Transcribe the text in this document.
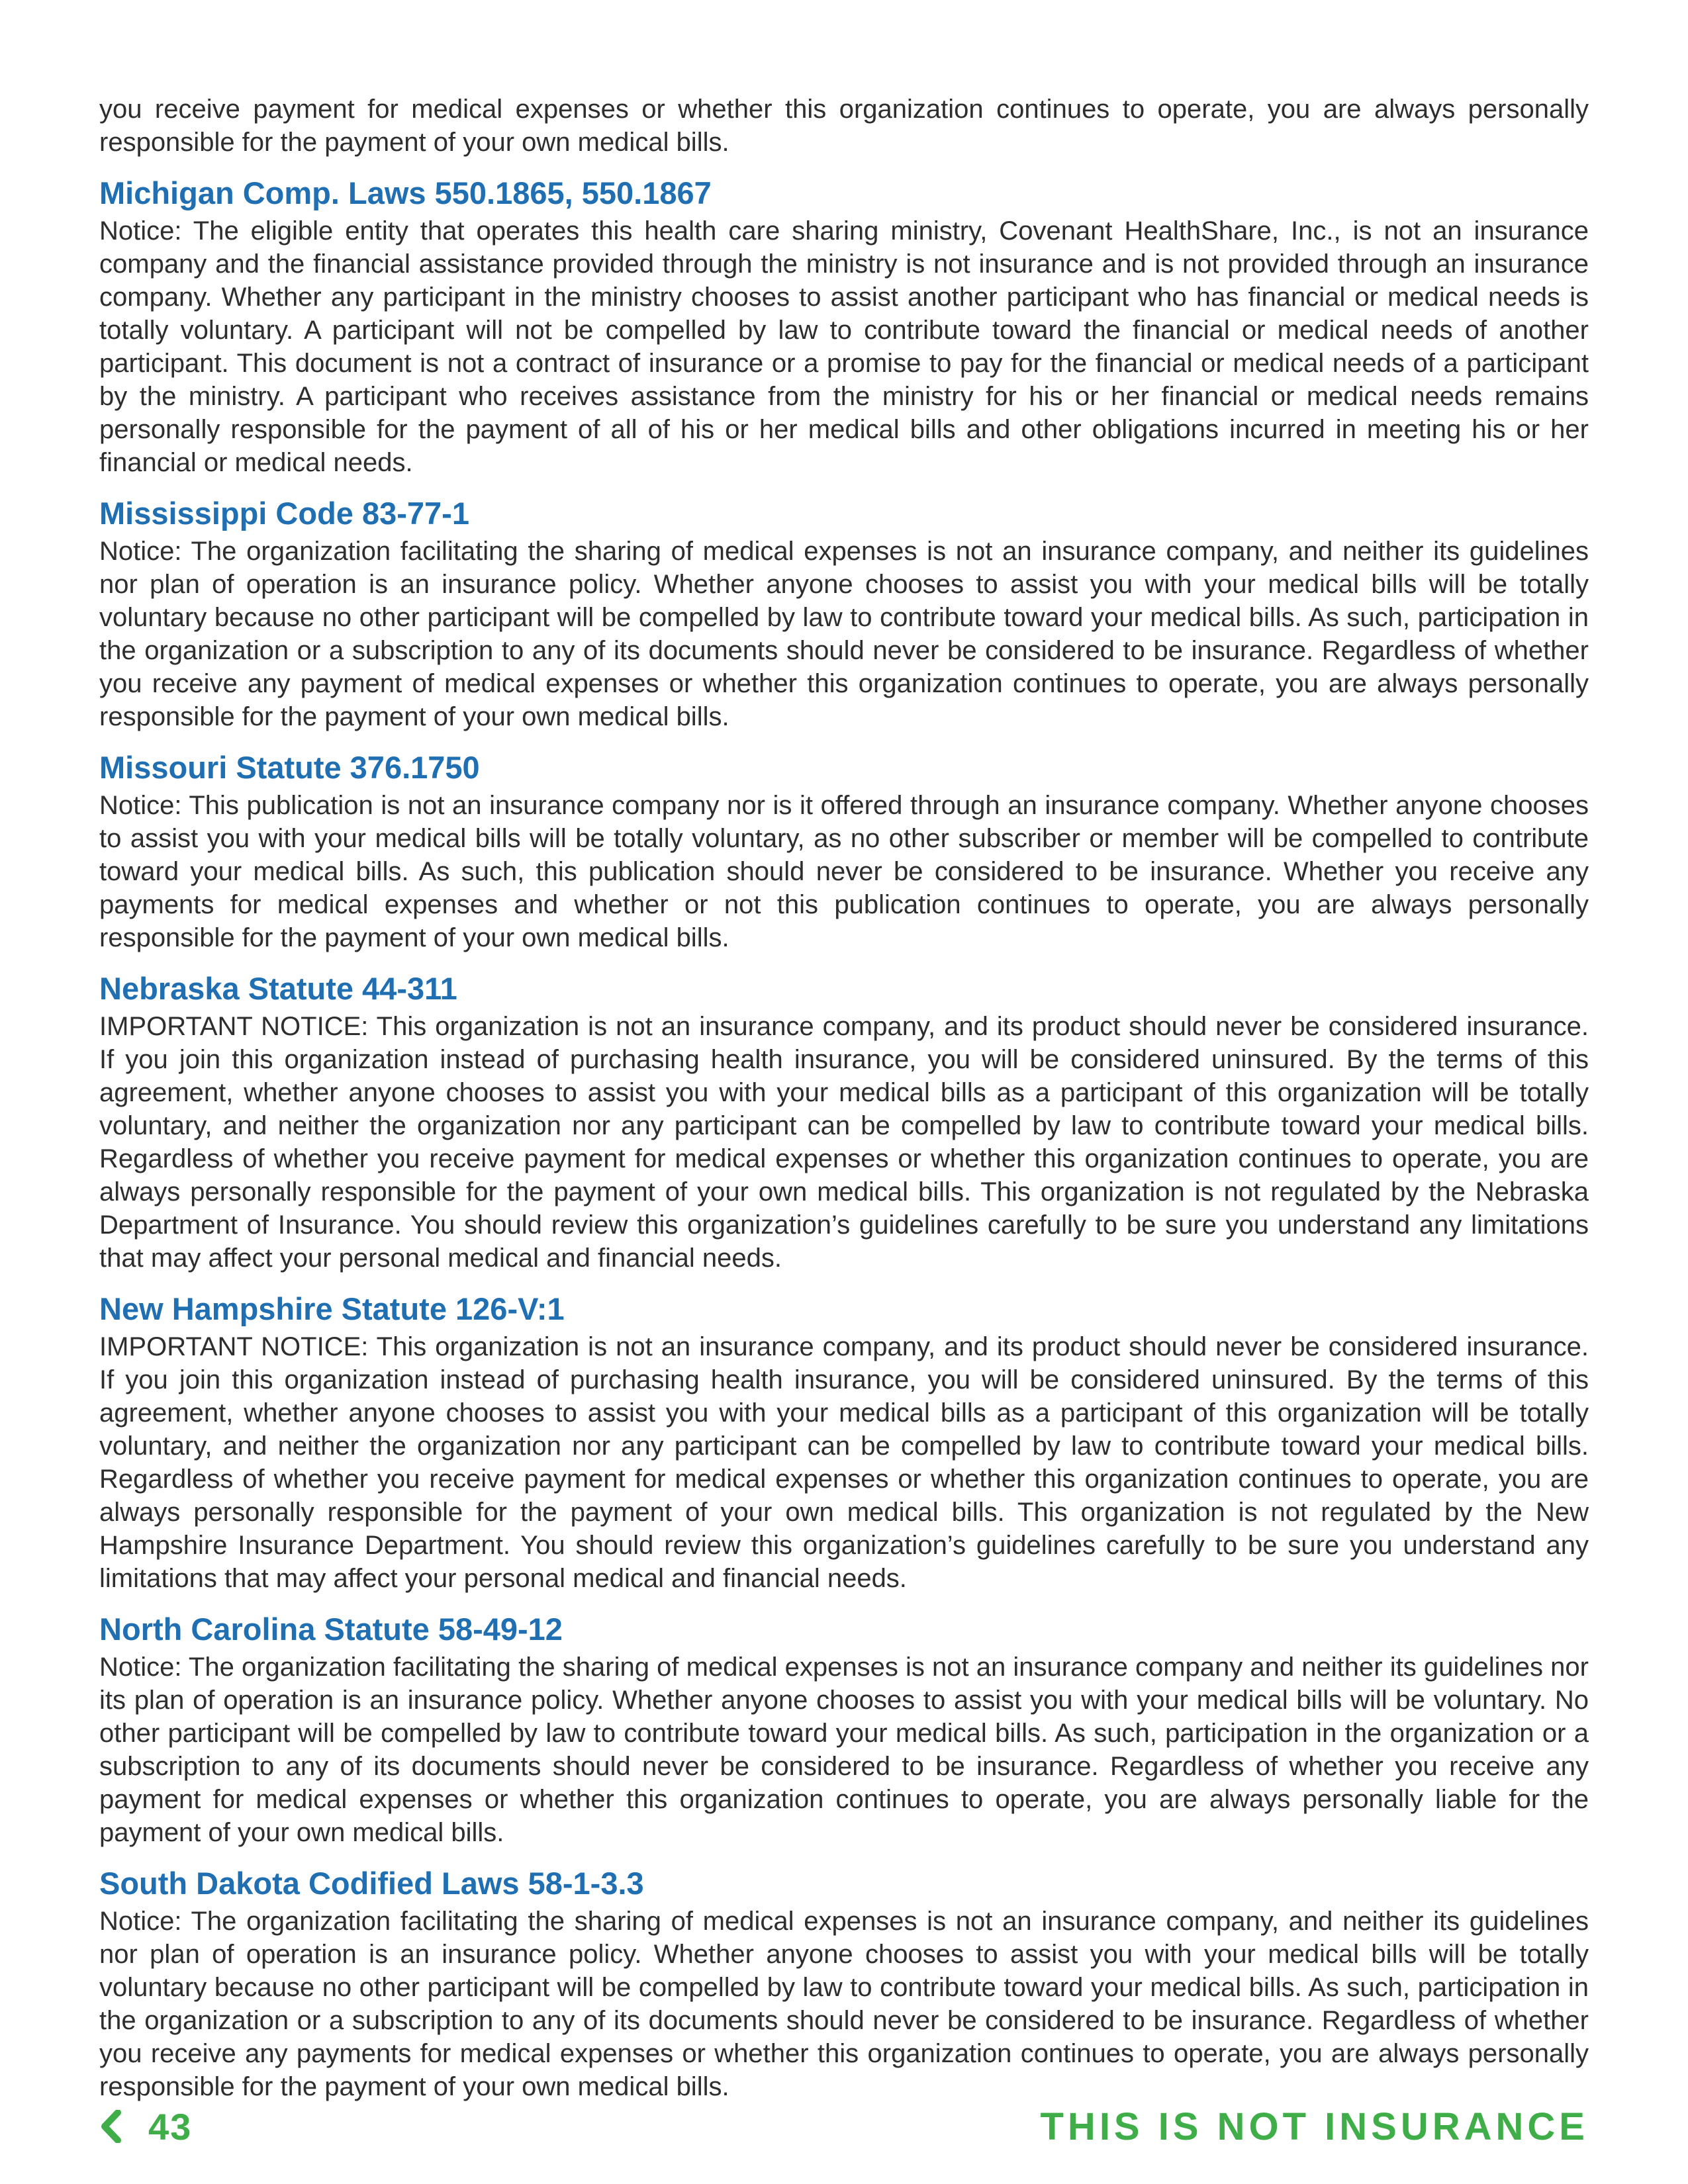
you receive payment for medical expenses or whether this organization continues to operate, you are always personally responsible for the payment of your own medical bills.

Michigan Comp. Laws 550.1865, 550.1867

Notice: The eligible entity that operates this health care sharing ministry, Covenant HealthShare, Inc., is not an insurance company and the financial assistance provided through the ministry is not insurance and is not provided through an insurance company. Whether any participant in the ministry chooses to assist another participant who has financial or medical needs is totally voluntary. A participant will not be compelled by law to contribute toward the financial or medical needs of another participant. This document is not a contract of insurance or a promise to pay for the financial or medical needs of a participant by the ministry. A participant who receives assistance from the ministry for his or her financial or medical needs remains personally responsible for the payment of all of his or her medical bills and other obligations incurred in meeting his or her financial or medical needs.

Mississippi Code 83-77-1

Notice: The organization facilitating the sharing of medical expenses is not an insurance company, and neither its guidelines nor plan of operation is an insurance policy. Whether anyone chooses to assist you with your medical bills will be totally voluntary because no other participant will be compelled by law to contribute toward your medical bills. As such, participation in the organization or a subscription to any of its documents should never be considered to be insurance. Regardless of whether you receive any payment of medical expenses or whether this organization continues to operate, you are always personally responsible for the payment of your own medical bills.

Missouri Statute 376.1750

Notice: This publication is not an insurance company nor is it offered through an insurance company. Whether anyone chooses to assist you with your medical bills will be totally voluntary, as no other subscriber or member will be compelled to contribute toward your medical bills. As such, this publication should never be considered to be insurance. Whether you receive any payments for medical expenses and whether or not this publication continues to operate, you are always personally responsible for the payment of your own medical bills.

Nebraska Statute 44-311

IMPORTANT NOTICE: This organization is not an insurance company, and its product should never be considered insurance. If you join this organization instead of purchasing health insurance, you will be considered uninsured. By the terms of this agreement, whether anyone chooses to assist you with your medical bills as a participant of this organization will be totally voluntary, and neither the organization nor any participant can be compelled by law to contribute toward your medical bills. Regardless of whether you receive payment for medical expenses or whether this organization continues to operate, you are always personally responsible for the payment of your own medical bills. This organization is not regulated by the Nebraska Department of Insurance. You should review this organization’s guidelines carefully to be sure you understand any limitations that may affect your personal medical and financial needs.

New Hampshire Statute 126-V:1

IMPORTANT NOTICE: This organization is not an insurance company, and its product should never be considered insurance. If you join this organization instead of purchasing health insurance, you will be considered uninsured. By the terms of this agreement, whether anyone chooses to assist you with your medical bills as a participant of this organization will be totally voluntary, and neither the organization nor any participant can be compelled by law to contribute toward your medical bills. Regardless of whether you receive payment for medical expenses or whether this organization continues to operate, you are always personally responsible for the payment of your own medical bills. This organization is not regulated by the New Hampshire Insurance Department. You should review this organization’s guidelines carefully to be sure you understand any limitations that may affect your personal medical and financial needs.

North Carolina Statute 58-49-12

Notice: The organization facilitating the sharing of medical expenses is not an insurance company and neither its guidelines nor its plan of operation is an insurance policy. Whether anyone chooses to assist you with your medical bills will be voluntary. No other participant will be compelled by law to contribute toward your medical bills. As such, participation in the organization or a subscription to any of its documents should never be considered to be insurance. Regardless of whether you receive any payment for medical expenses or whether this organization continues to operate, you are always personally liable for the payment of your own medical bills.

South Dakota Codified Laws 58-1-3.3

Notice: The organization facilitating the sharing of medical expenses is not an insurance company, and neither its guidelines nor plan of operation is an insurance policy. Whether anyone chooses to assist you with your medical bills will be totally voluntary because no other participant will be compelled by law to contribute toward your medical bills. As such, participation in the organization or a subscription to any of its documents should never be considered to be insurance. Regardless of whether you receive any payments for medical expenses or whether this organization continues to operate, you are always personally responsible for the payment of your own medical bills.

43	THIS IS NOT INSURANCE
